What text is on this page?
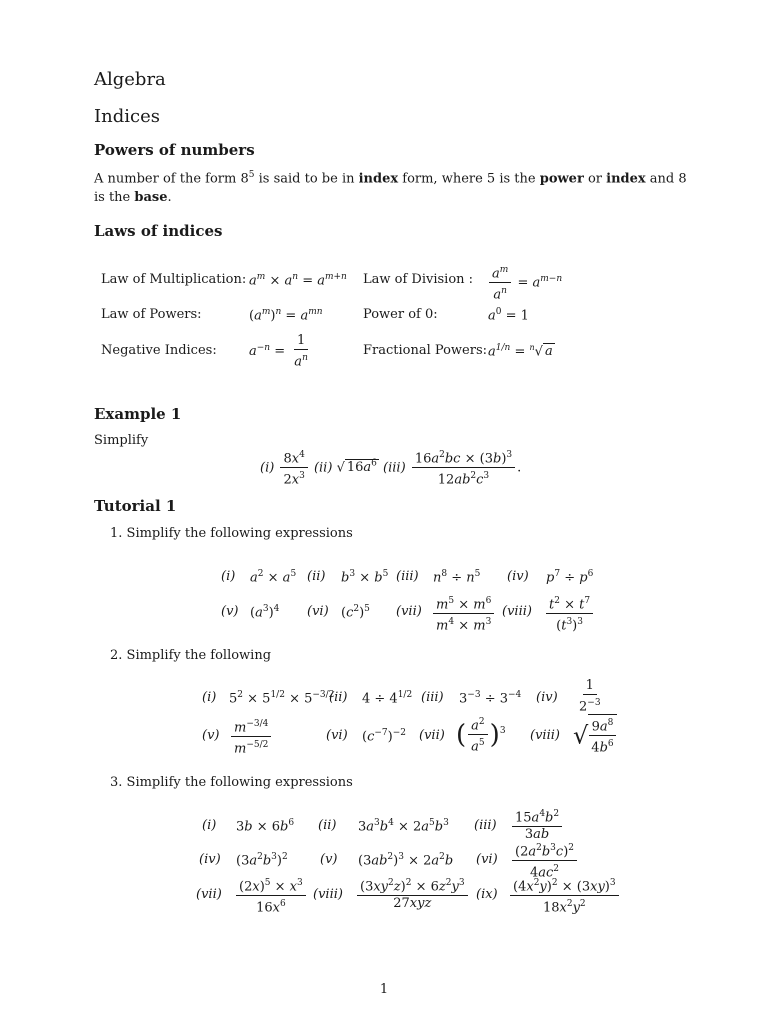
Algebra
Indices
Powers of numbers
A number of the form $8^5$ is said to be in index form, where 5 is the power or index and 8 is the base.
Laws of indices
Law of Multiplication: $a^m \times a^n = a^{m+n}$ Law of Division : $\frac{a^m}{a^n} = a^{m-n}$
Law of Powers:	$(a^m)^n = a^{mn}$	Power of 0:	$a^0 = 1$
Negative Indices: $a^{-n} = \frac{1}{a^n}$	Fractional Powers: $a^{1/n} = ^n√$ a
Example 1
Simplify
$(i) \frac{8x^4}{2x^3} (ii)$ √ $16a^6$ $(iii) \frac{16a^2bc \times (3b)^3}{12ab^2c^3}$ .
Tutorial 1
1. Simplify the following expressions
(i) $a^2 \times a^5$ (ii) $b^3 \times b^5$ (iii) $n^8 \div n^5$ (iv) $p^7 \div p^6$
(v) $(a^3)^4$ (vi) $(c^2)^5$ $(vii) \frac{m^5 \times m^6}{m^4 \times m^3}$ (viii) $\frac{t^2 \times t^7}{(t^3)^3}$
2. Simplify the following
(i) $5^2 \times 5^{1/2} \times 5^{-3/2}$
(ii) $4 \div 4^{1/2}$ (iii) $3^{-3} \div 3^{-4}$ $(iv) \frac{1}{2^{-3}}$
$(v) \frac{m^{-3/4}}{m^{-5/2}}$	(vi) $(c^{-7})^{-2}$ (vii) ( $\frac{a^2}{a^5} )^3$ (viii) √ $\frac{9a^8}{4b^6}$
3. Simplify the following expressions
(i) $3b \times 6b^6$ (ii) $3a^3b^4 \times 2a^5b^3$ $(iii) \frac{15a^4b^2}{3ab}$
(iv) $(3a^2b^3)^2$ (v) $(3ab^2)^3 \times 2a^2b$ $(vi) \frac{(2a^2b^3c)^2}{4ac^2}$
$(vii) \frac{(2x)^5 \times x^3}{16x^6}$ (viii) $\frac{(3xy^2z)^2 \times 6z^2y^3}{\text{27xyz}} (ix) \frac{(4x^2y)^2 \times (3xy)^3}{18x^2y^2}$
1
